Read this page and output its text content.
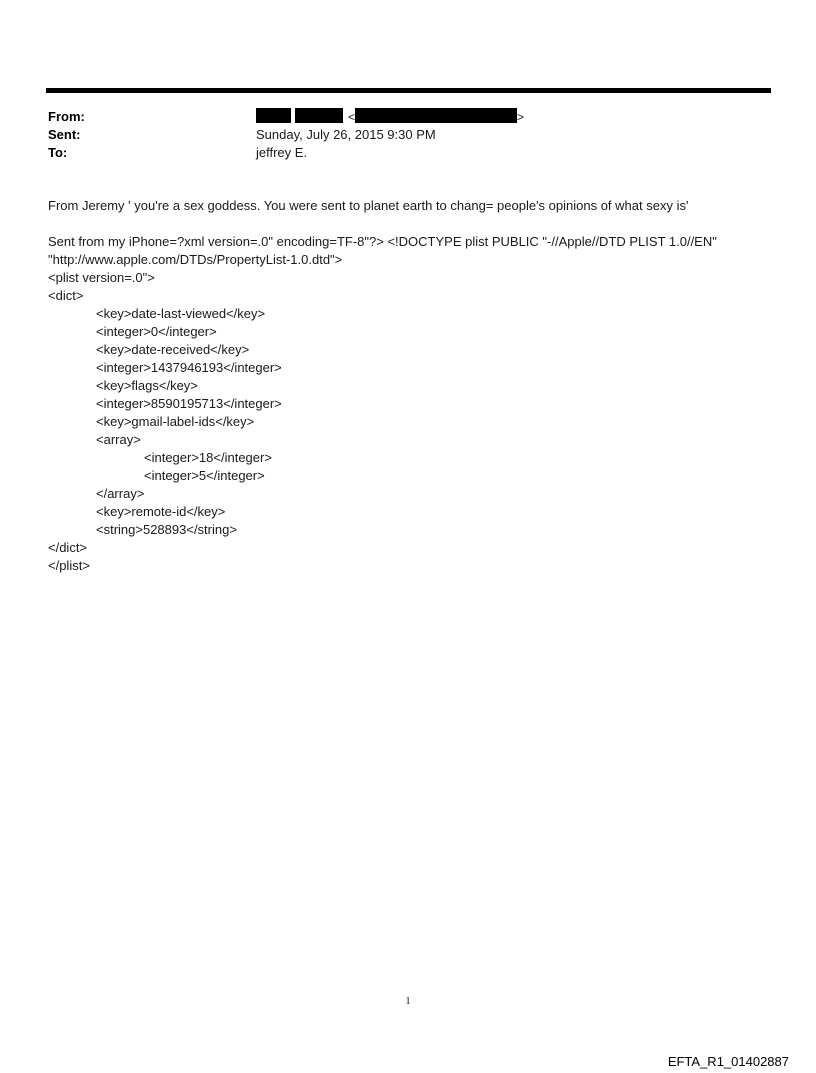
From:	<	>
Sent:	Sunday, July 26, 2015 9:30 PM
To:	jeffrey E.
From Jeremy ' you're a sex goddess. You were sent to planet earth to chang= people's opinions of what sexy is'
Sent from my iPhone=?xml version=.0" encoding=TF-8"?> <!DOCTYPE plist PUBLIC "-//Apple//DTD PLIST 1.0//EN"
"http://www.apple.com/DTDs/PropertyList-1.0.dtd">
<plist version=.0">
<dict>
<key>date-last-viewed</key>
<integer>0</integer>
<key>date-received</key>
<integer>1437946193</integer>
<key>flags</key>
<integer>8590195713</integer>
<key>gmail-label-ids</key>
<array>
<integer>18</integer>
<integer>5</integer>
</array>
<key>remote-id</key>
<string>528893</string>
</dict>
</plist>
1
EFTA_R1_01402887
